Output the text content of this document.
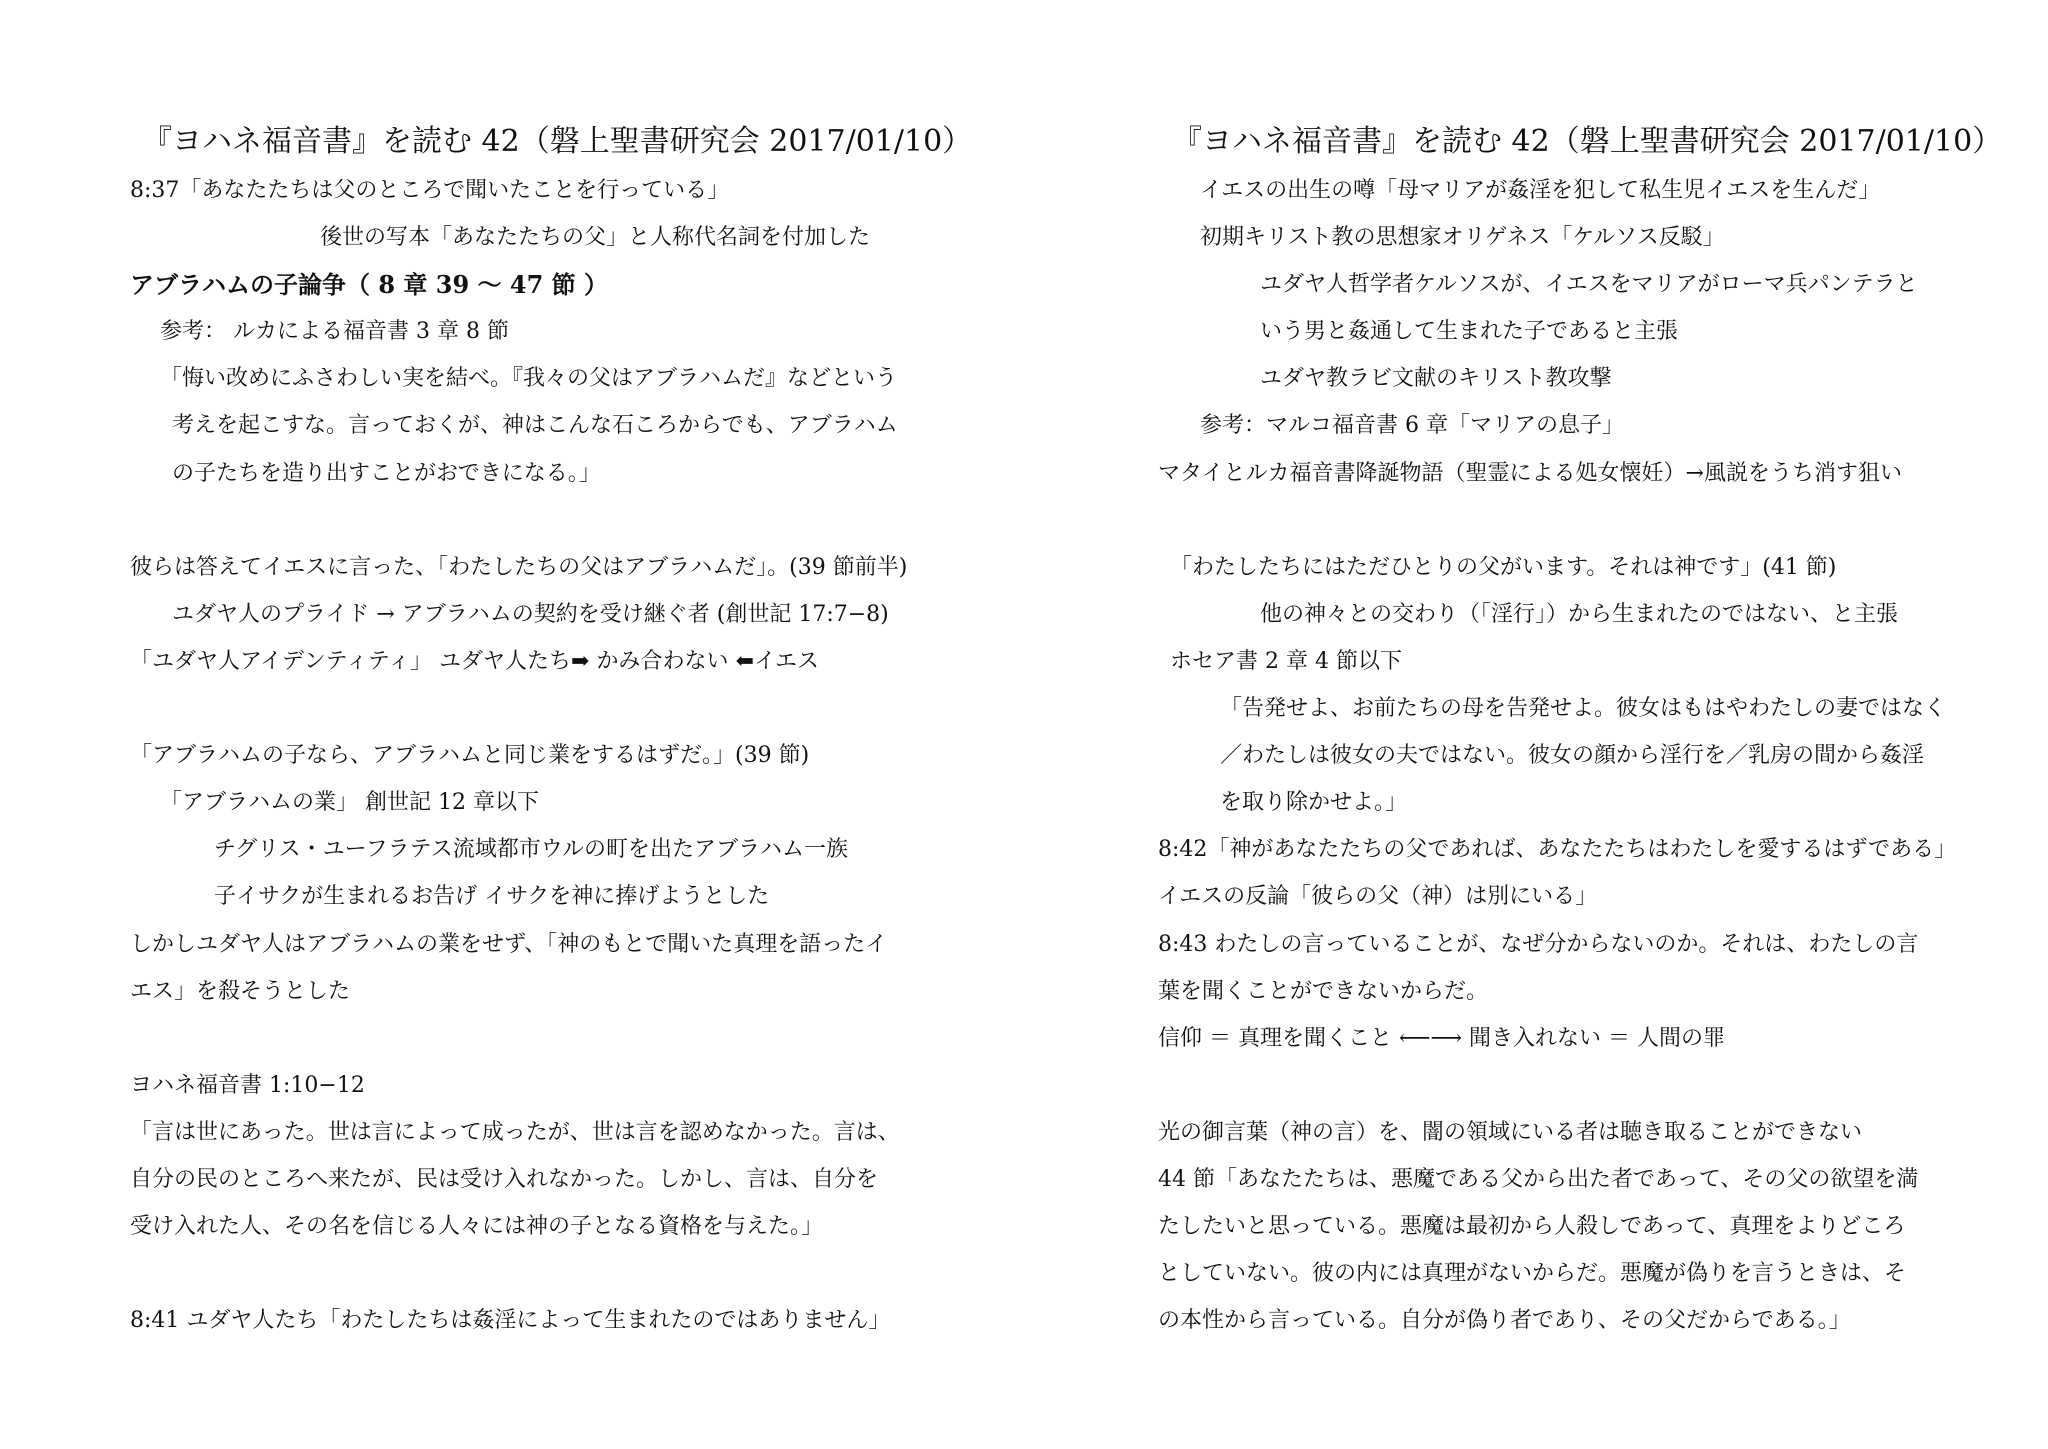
『ヨハネ福音書』を読む 42（磐上聖書研究会 2017/01/10）
8:37「あなたたちは父のところで聞いたことを行っている」
後世の写本「あなたたちの父」と人称代名詞を付加した
アブラハムの子論争（ 8 章 39 ～ 47 節 ）
参考： ルカによる福音書 3 章 8 節
「悔い改めにふさわしい実を結べ。『我々の父はアブラハムだ』などという
考えを起こすな。言っておくが、神はこんな石ころからでも、アブラハム
の子たちを造り出すことがおできになる。」
彼らは答えてイエスに言った、「わたしたちの父はアブラハムだ」。(39 節前半)
ユダヤ人のプライド → アブラハムの契約を受け継ぐ者 (創世記 17:7−8)
「ユダヤ人アイデンティティ」 ユダヤ人たち➡ かみ合わない ⬅イエス
「アブラハムの子なら、アブラハムと同じ業をするはずだ。」(39 節)
「アブラハムの業」 創世記 12 章以下
チグリス・ユーフラテス流域都市ウルの町を出たアブラハム一族
子イサクが生まれるお告げ イサクを神に捧げようとした
しかしユダヤ人はアブラハムの業をせず、「神のもとで聞いた真理を語ったイ
エス」を殺そうとした
ヨハネ福音書 1:10−12
「言は世にあった。世は言によって成ったが、世は言を認めなかった。言は、
自分の民のところへ来たが、民は受け入れなかった。しかし、言は、自分を
受け入れた人、その名を信じる人々には神の子となる資格を与えた。」
8:41 ユダヤ人たち「わたしたちは姦淫によって生まれたのではありません」
『ヨハネ福音書』を読む 42（磐上聖書研究会 2017/01/10）
イエスの出生の噂「母マリアが姦淫を犯して私生児イエスを生んだ」
初期キリスト教の思想家オリゲネス「ケルソス反駁」
ユダヤ人哲学者ケルソスが、イエスをマリアがローマ兵パンテラと
いう男と姦通して生まれた子であると主張
ユダヤ教ラビ文献のキリスト教攻撃
参考：マルコ福音書 6 章「マリアの息子」
マタイとルカ福音書降誕物語（聖霊による処女懐妊）→風説をうち消す狙い
「わたしたちにはただひとりの父がいます。それは神です」(41 節)
他の神々との交わり（「淫行」）から生まれたのではない、と主張
ホセア書 2 章 4 節以下
「告発せよ、お前たちの母を告発せよ。彼女はもはやわたしの妻ではなく
／わたしは彼女の夫ではない。彼女の顔から淫行を／乳房の間から姦淫
を取り除かせよ。」
8:42「神があなたたちの父であれば、あなたたちはわたしを愛するはずである」
イエスの反論「彼らの父（神）は別にいる」
8:43 わたしの言っていることが、なぜ分からないのか。それは、わたしの言
葉を聞くことができないからだ。
信仰 ＝ 真理を聞くこと ⟵⟶ 聞き入れない ＝ 人間の罪
光の御言葉（神の言）を、闇の領域にいる者は聴き取ることができない
44 節「あなたたちは、悪魔である父から出た者であって、その父の欲望を満
たしたいと思っている。悪魔は最初から人殺しであって、真理をよりどころ
としていない。彼の内には真理がないからだ。悪魔が偽りを言うときは、そ
の本性から言っている。自分が偽り者であり、その父だからである。」
